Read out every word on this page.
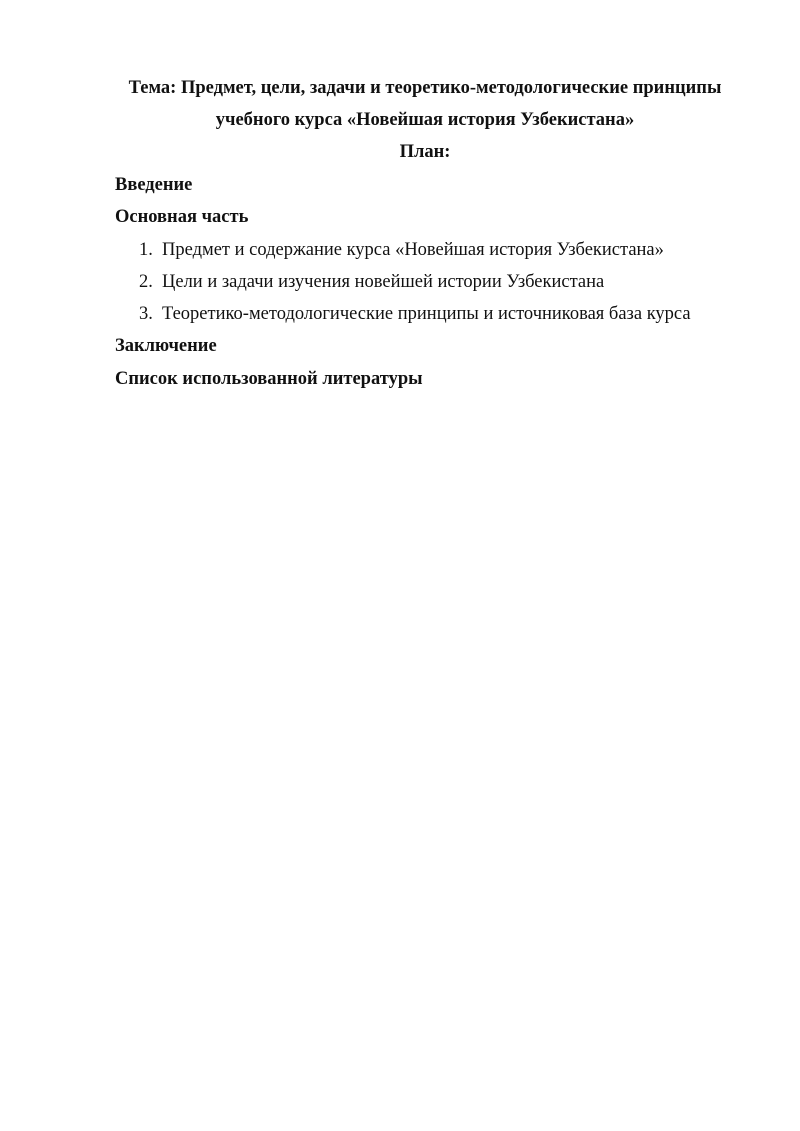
Тема: Предмет, цели, задачи и теоретико-методологические принципы
учебного курса «Новейшая история Узбекистана»
План:
Введение
Основная часть
1. Предмет и содержание курса «Новейшая история Узбекистана»
2. Цели и задачи изучения новейшей истории Узбекистана
3. Теоретико-методологические принципы и источниковая база курса
Заключение
Список использованной литературы
